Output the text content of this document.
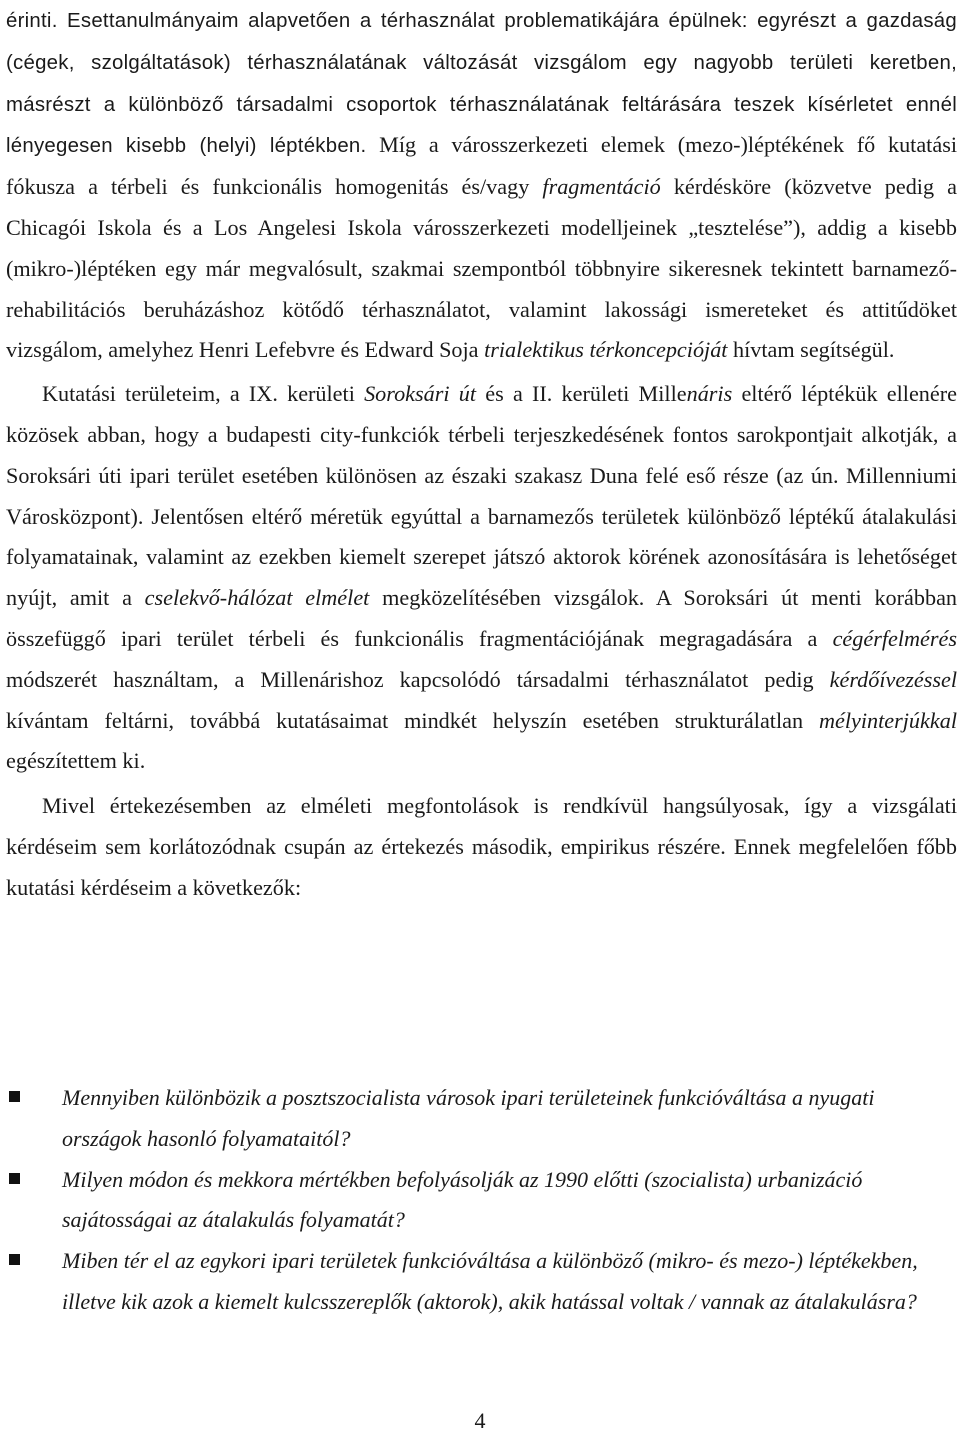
érinti. Esettanulmányaim alapvetően a térhasználat problematikájára épülnek: egyrészt a gazdaság (cégek, szolgáltatások) térhasználatának változását vizsgálom egy nagyobb területi keretben, másrészt a különböző társadalmi csoportok térhasználatának feltárására teszek kísérletet ennél lényegesen kisebb (helyi) léptékben. Míg a városszerkezeti elemek (mezo-)léptékének fő kutatási fókusza a térbeli és funkcionális homogenitás és/vagy fragmentáció kérdésköre (közvetve pedig a Chicagói Iskola és a Los Angelesi Iskola városszerkezeti modelljeinek „tesztelése”), addig a kisebb (mikro-)léptéken egy már megvalósult, szakmai szempontból többnyire sikeresnek tekintett barnamező-rehabilitációs beruházáshoz kötődő térhasználatot, valamint lakossági ismereteket és attitűdöket vizsgálom, amelyhez Henri Lefebvre és Edward Soja trialektikus térkoncepcióját hívtam segítségül.

Kutatási területeim, a IX. kerületi Soroksári út és a II. kerületi Millenáris eltérő léptékük ellenére közösek abban, hogy a budapesti city-funkciók térbeli terjeszkedésének fontos sarokpontjait alkotják, a Soroksári úti ipari terület esetében különösen az északi szakasz Duna felé eső része (az ún. Millenniumi Városközpont). Jelentősen eltérő méretük egyúttal a barnamezős területek különböző léptékű átalakulási folyamatainak, valamint az ezekben kiemelt szerepet játszó aktorok körének azonosítására is lehetőséget nyújt, amit a cselekvő-hálózat elmélet megközelítésében vizsgálok. A Soroksári út menti korábban összefüggő ipari terület térbeli és funkcionális fragmentációjának megragadására a cégérfelmérés módszerét használtam, a Millenárishoz kapcsolódó társadalmi térhasználatot pedig kérdőívezéssel kívántam feltárni, továbbá kutatásaimat mindkét helyszín esetében strukturálatlan mélyinterjúkkal egészítettem ki.

Mivel értekezésemben az elméleti megfontolások is rendkívül hangsúlyosak, így a vizsgálati kérdéseim sem korlátozódnak csupán az értekezés második, empirikus részére. Ennek megfelelően főbb kutatási kérdéseim a következők:

Mennyiben különbözik a posztszocialista városok ipari területeinek funkcióváltása a nyugati országok hasonló folyamataitól?
Milyen módon és mekkora mértékben befolyásolják az 1990 előtti (szocialista) urbanizáció sajátosságai az átalakulás folyamatát?
Miben tér el az egykori ipari területek funkcióváltása a különböző (mikro- és mezo-) léptékekben, illetve kik azok a kiemelt kulcsszereplők (aktorok), akik hatással voltak / vannak az átalakulásra?
4
